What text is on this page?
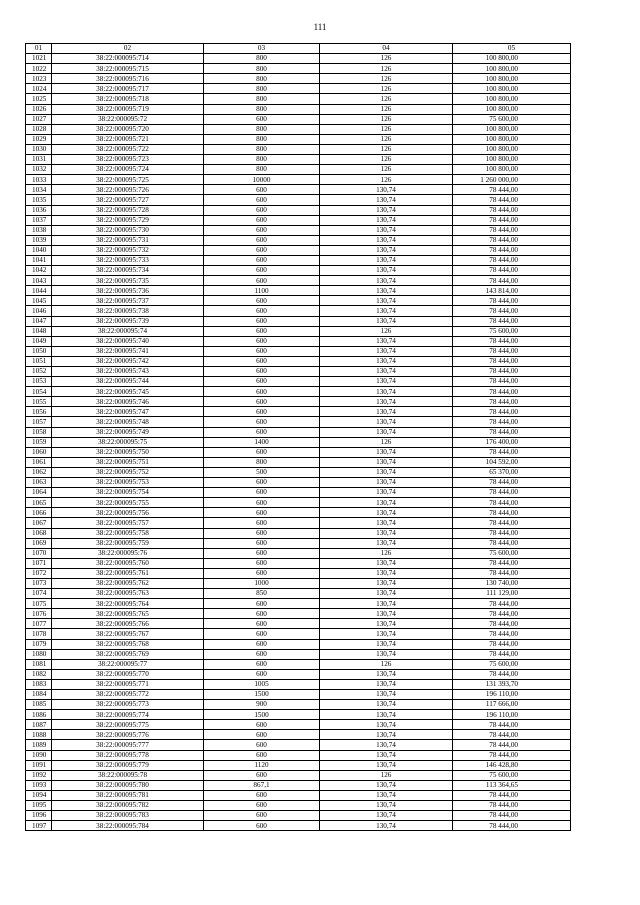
111
01	02	03	04	05
1021	38:22:000095:714	800	126	100 800,00
1022	38:22:000095:715	800	126	100 800,00
1023	38:22:000095:716	800	126	100 800,00
1024	38:22:000095:717	800	126	100 800,00
1025	38:22:000095:718	800	126	100 800,00
1026	38:22:000095:719	800	126	100 800,00
1027	38:22:000095:72	600	126	75 600,00
1028	38:22:000095:720	800	126	100 800,00
1029	38:22:000095:721	800	126	100 800,00
1030	38:22:000095:722	800	126	100 800,00
1031	38:22:000095:723	800	126	100 800,00
1032	38:22:000095:724	800	126	100 800,00
1033	38:22:000095:725	10000	126	1 260 000,00
1034	38:22:000095:726	600	130,74	78 444,00
1035	38:22:000095:727	600	130,74	78 444,00
1036	38:22:000095:728	600	130,74	78 444,00
1037	38:22:000095:729	600	130,74	78 444,00
1038	38:22:000095:730	600	130,74	78 444,00
1039	38:22:000095:731	600	130,74	78 444,00
1040	38:22:000095:732	600	130,74	78 444,00
1041	38:22:000095:733	600	130,74	78 444,00
1042	38:22:000095:734	600	130,74	78 444,00
1043	38:22:000095:735	600	130,74	78 444,00
1044	38:22:000095:736	1100	130,74	143 814,00
1045	38:22:000095:737	600	130,74	78 444,00
1046	38:22:000095:738	600	130,74	78 444,00
1047	38:22:000095:739	600	130,74	78 444,00
1048	38:22:000095:74	600	126	75 600,00
1049	38:22:000095:740	600	130,74	78 444,00
1050	38:22:000095:741	600	130,74	78 444,00
1051	38:22:000095:742	600	130,74	78 444,00
1052	38:22:000095:743	600	130,74	78 444,00
1053	38:22:000095:744	600	130,74	78 444,00
1054	38:22:000095:745	600	130,74	78 444,00
1055	38:22:000095:746	600	130,74	78 444,00
1056	38:22:000095:747	600	130,74	78 444,00
1057	38:22:000095:748	600	130,74	78 444,00
1058	38:22:000095:749	600	130,74	78 444,00
1059	38:22:000095:75	1400	126	176 400,00
1060	38:22:000095:750	600	130,74	78 444,00
1061	38:22:000095:751	800	130,74	104 592,00
1062	38:22:000095:752	500	130,74	65 370,00
1063	38:22:000095:753	600	130,74	78 444,00
1064	38:22:000095:754	600	130,74	78 444,00
1065	38:22:000095:755	600	130,74	78 444,00
1066	38:22:000095:756	600	130,74	78 444,00
1067	38:22:000095:757	600	130,74	78 444,00
1068	38:22:000095:758	600	130,74	78 444,00
1069	38:22:000095:759	600	130,74	78 444,00
1070	38:22:000095:76	600	126	75 600,00
1071	38:22:000095:760	600	130,74	78 444,00
1072	38:22:000095:761	600	130,74	78 444,00
1073	38:22:000095:762	1000	130,74	130 740,00
1074	38:22:000095:763	850	130,74	111 129,00
1075	38:22:000095:764	600	130,74	78 444,00
1076	38:22:000095:765	600	130,74	78 444,00
1077	38:22:000095:766	600	130,74	78 444,00
1078	38:22:000095:767	600	130,74	78 444,00
1079	38:22:000095:768	600	130,74	78 444,00
1080	38:22:000095:769	600	130,74	78 444,00
1081	38:22:000095:77	600	126	75 600,00
1082	38:22:000095:770	600	130,74	78 444,00
1083	38:22:000095:771	1005	130,74	131 393,70
1084	38:22:000095:772	1500	130,74	196 110,00
1085	38:22:000095:773	900	130,74	117 666,00
1086	38:22:000095:774	1500	130,74	196 110,00
1087	38:22:000095:775	600	130,74	78 444,00
1088	38:22:000095:776	600	130,74	78 444,00
1089	38:22:000095:777	600	130,74	78 444,00
1090	38:22:000095:778	600	130,74	78 444,00
1091	38:22:000095:779	1120	130,74	146 428,80
1092	38:22:000095:78	600	126	75 600,00
1093	38:22:000095:780	867,1	130,74	113 364,65
1094	38:22:000095:781	600	130,74	78 444,00
1095	38:22:000095:782	600	130,74	78 444,00
1096	38:22:000095:783	600	130,74	78 444,00
1097	38:22:000095:784	600	130,74	78 444,00
